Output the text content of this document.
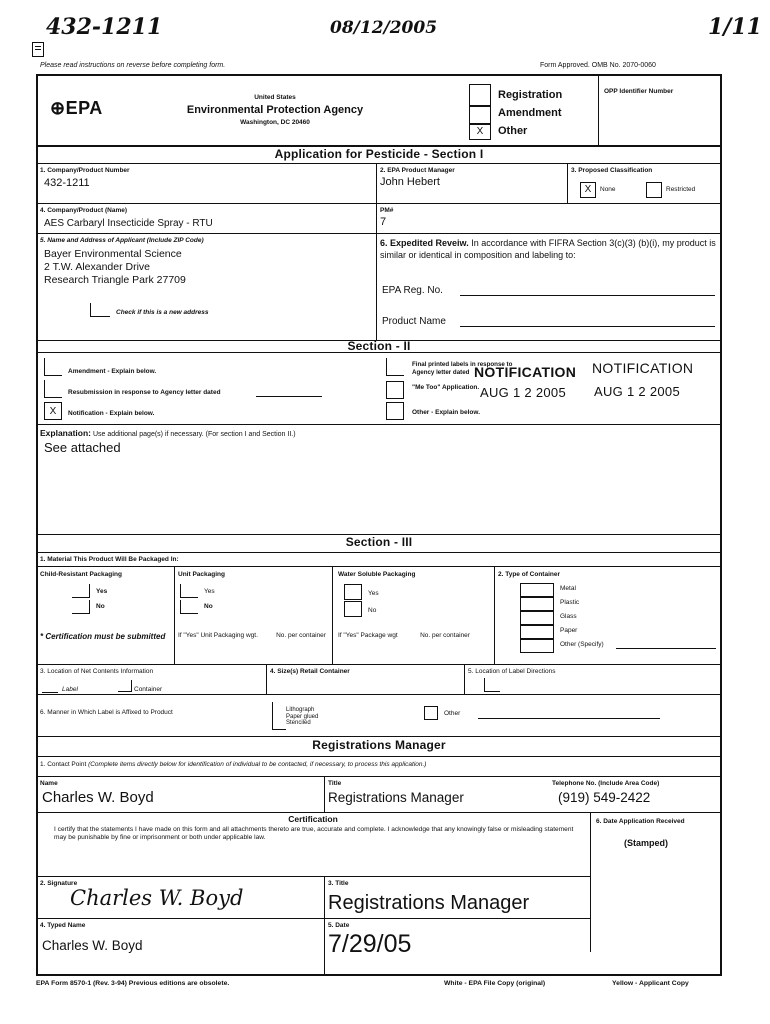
432-1211	08/12/2005	1/11
Please read instructions on reverse before completing form.	Form Approved. OMB No. 2070-0060
⊕EPA
United States
Environmental Protection Agency
Washington, DC 20460
X
Registration
Amendment
Other
OPP Identifier Number
Application for Pesticide - Section I
1. Company/Product Number
432-1211
2. EPA Product Manager
John Hebert
3. Proposed Classification
X	None	Restricted
4. Company/Product (Name)
AES Carbaryl Insecticide Spray - RTU
PM#
7
5. Name and Address of Applicant (Include ZIP Code)
Bayer Environmental Science
2 T.W. Alexander Drive
Research Triangle Park 27709
Check if this is a new address
6. Expedited Reveiw. In accordance with FIFRA Section 3(c)(3) (b)(i), my product is similar or identical in composition and labeling to:
EPA Reg. No.
Product Name
Section - II
Amendment - Explain below.
Resubmission in response to Agency letter dated
X	Notification - Explain below.
Final printed labels in response to Agency letter dated
"Me Too" Application.
Other - Explain below.
NOTIFICATION
AUG 1 2 2005
NOTIFICATION
AUG 1 2 2005
Explanation: Use additional page(s) if necessary. (For section I and Section II.)
See attached
Section - III
1. Material This Product Will Be Packaged In:
Child-Resistant Packaging
Yes
No
* Certification must be submitted
Unit Packaging
Yes
No
If "Yes" Unit Packaging wgt.	No. per container
Water Soluble Packaging
Yes
No
If "Yes" Package wgt	No. per container
2. Type of Container
Metal
Plastic
Glass
Paper
Other (Specify)
3. Location of Net Contents Information
Label	Container
4. Size(s) Retail Container	5. Location of Label Directions
6. Manner in Which Label is Affixed to Product	Lithograph
Paper glued
Stenciled
Other
Registrations Manager
1. Contact Point (Complete items directly below for identification of individual to be contacted, if necessary, to process this application.)
Name
Charles W. Boyd
Title
Registrations Manager
Telephone No. (Include Area Code)
(919) 549-2422
Certification
I certify that the statements I have made on this form and all attachments thereto are true, accurate and complete. I acknowledge that any knowingly false or misleading statement may be punishable by fine or imprisonment or both under applicable law.
6. Date Application Received
(Stamped)
2. Signature
Charles W. Boyd
3. Title
Registrations Manager
4. Typed Name
Charles W. Boyd
5. Date
7/29/05
EPA Form 8570-1 (Rev. 3-94) Previous editions are obsolete.	White - EPA File Copy (original)	Yellow - Applicant Copy
